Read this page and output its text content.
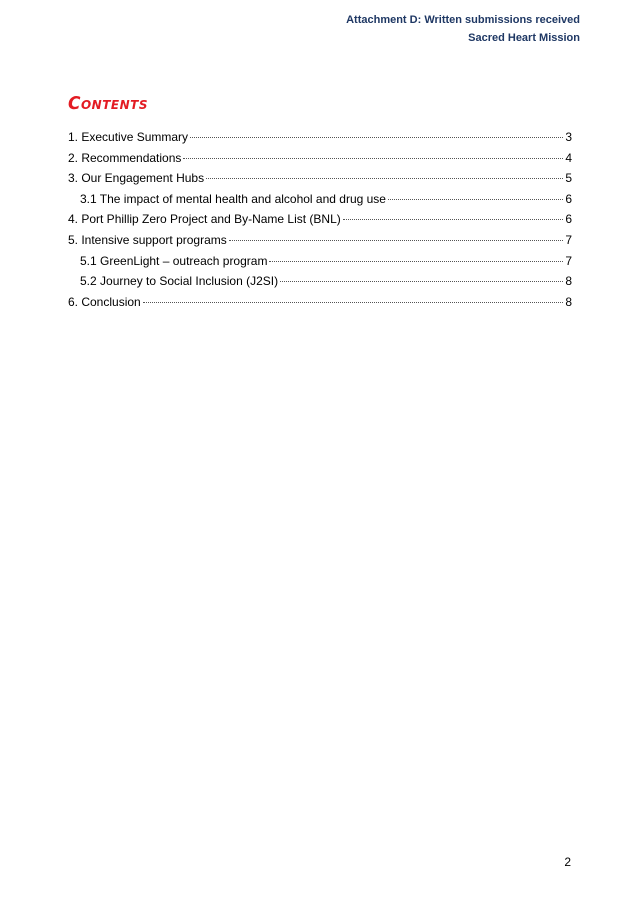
Attachment D: Written submissions received
Sacred Heart Mission
Contents
1. Executive Summary	3
2. Recommendations	4
3. Our Engagement Hubs	5
3.1 The impact of mental health and alcohol and drug use	6
4. Port Phillip Zero Project and By-Name List (BNL)	6
5. Intensive support programs	7
5.1 GreenLight – outreach program	7
5.2 Journey to Social Inclusion (J2SI)	8
6. Conclusion	8
2
